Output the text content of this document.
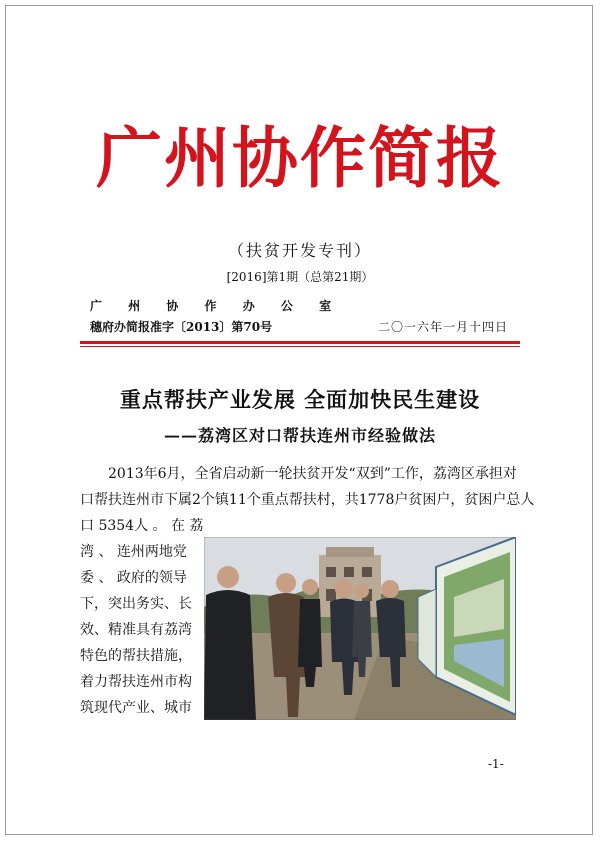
广州协作简报
（扶贫开发专刊）
[2016]第1期（总第21期）
广 州 协 作 办 公 室
穗府办简报准字〔2013〕第70号	二〇一六年一月十四日
重点帮扶产业发展 全面加快民生建设
——荔湾区对口帮扶连州市经验做法
2013年6月，全省启动新一轮扶贫开发“双到”工作，荔湾区承担对
口帮扶连州市下属2个镇11个重点帮扶村，共1778户贫困户，贫困户总人
口 5354人 。 在 荔
湾 、 连州两地党
委 、 政府的领导
下，突出务实、长
效、精准具有荔湾
特色的帮扶措施，
着力帮扶连州市构
筑现代产业、城市
-1-
